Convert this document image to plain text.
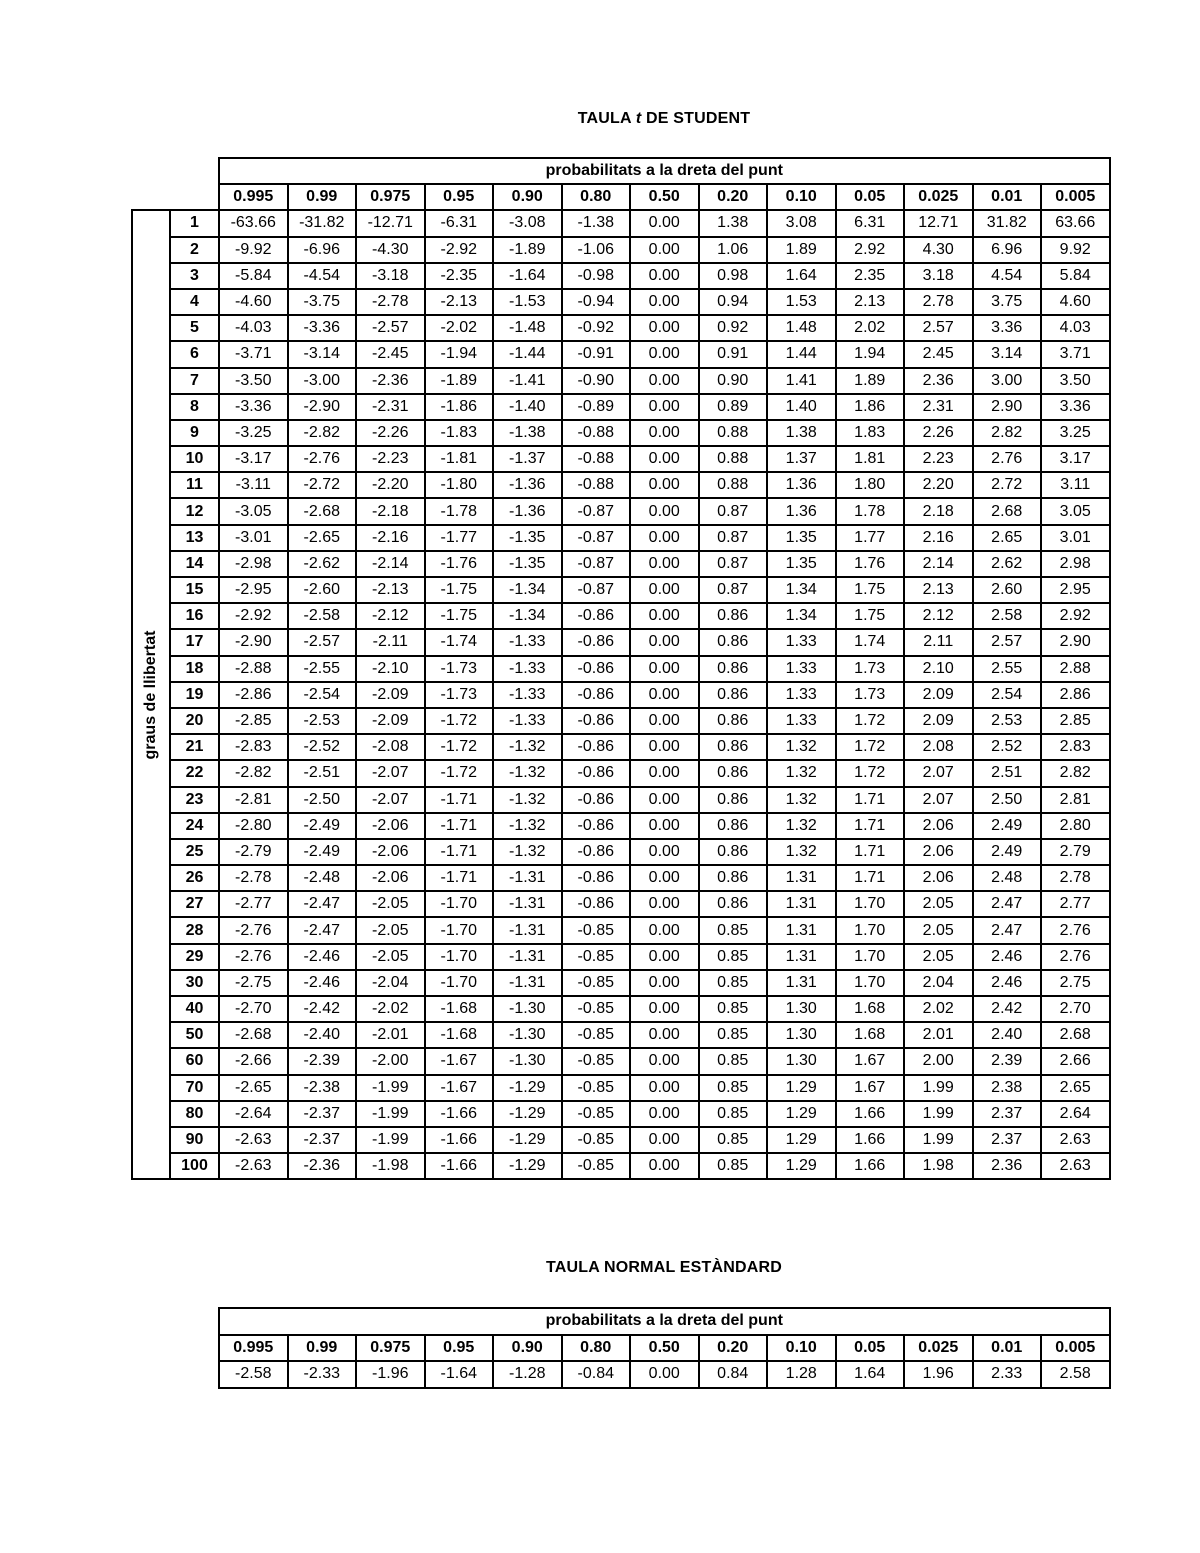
TAULA t DE STUDENT
		probabilitats a la dreta del punt												
		0.995	0.99	0.975	0.95	0.90	0.80	0.50	0.20	0.10	0.05	0.025	0.01	0.005

graus de llibertat	1	-63.66	-31.82	-12.71	-6.31	-3.08	-1.38	0.00	1.38	3.08	6.31	12.71	31.82	63.66
	2	-9.92	-6.96	-4.30	-2.92	-1.89	-1.06	0.00	1.06	1.89	2.92	4.30	6.96	9.92
	3	-5.84	-4.54	-3.18	-2.35	-1.64	-0.98	0.00	0.98	1.64	2.35	3.18	4.54	5.84
	4	-4.60	-3.75	-2.78	-2.13	-1.53	-0.94	0.00	0.94	1.53	2.13	2.78	3.75	4.60
	5	-4.03	-3.36	-2.57	-2.02	-1.48	-0.92	0.00	0.92	1.48	2.02	2.57	3.36	4.03
	6	-3.71	-3.14	-2.45	-1.94	-1.44	-0.91	0.00	0.91	1.44	1.94	2.45	3.14	3.71
	7	-3.50	-3.00	-2.36	-1.89	-1.41	-0.90	0.00	0.90	1.41	1.89	2.36	3.00	3.50
	8	-3.36	-2.90	-2.31	-1.86	-1.40	-0.89	0.00	0.89	1.40	1.86	2.31	2.90	3.36
	9	-3.25	-2.82	-2.26	-1.83	-1.38	-0.88	0.00	0.88	1.38	1.83	2.26	2.82	3.25
	10	-3.17	-2.76	-2.23	-1.81	-1.37	-0.88	0.00	0.88	1.37	1.81	2.23	2.76	3.17
	11	-3.11	-2.72	-2.20	-1.80	-1.36	-0.88	0.00	0.88	1.36	1.80	2.20	2.72	3.11
	12	-3.05	-2.68	-2.18	-1.78	-1.36	-0.87	0.00	0.87	1.36	1.78	2.18	2.68	3.05
	13	-3.01	-2.65	-2.16	-1.77	-1.35	-0.87	0.00	0.87	1.35	1.77	2.16	2.65	3.01
	14	-2.98	-2.62	-2.14	-1.76	-1.35	-0.87	0.00	0.87	1.35	1.76	2.14	2.62	2.98
	15	-2.95	-2.60	-2.13	-1.75	-1.34	-0.87	0.00	0.87	1.34	1.75	2.13	2.60	2.95
	16	-2.92	-2.58	-2.12	-1.75	-1.34	-0.86	0.00	0.86	1.34	1.75	2.12	2.58	2.92
	17	-2.90	-2.57	-2.11	-1.74	-1.33	-0.86	0.00	0.86	1.33	1.74	2.11	2.57	2.90
	18	-2.88	-2.55	-2.10	-1.73	-1.33	-0.86	0.00	0.86	1.33	1.73	2.10	2.55	2.88
	19	-2.86	-2.54	-2.09	-1.73	-1.33	-0.86	0.00	0.86	1.33	1.73	2.09	2.54	2.86
	20	-2.85	-2.53	-2.09	-1.72	-1.33	-0.86	0.00	0.86	1.33	1.72	2.09	2.53	2.85
	21	-2.83	-2.52	-2.08	-1.72	-1.32	-0.86	0.00	0.86	1.32	1.72	2.08	2.52	2.83
	22	-2.82	-2.51	-2.07	-1.72	-1.32	-0.86	0.00	0.86	1.32	1.72	2.07	2.51	2.82
	23	-2.81	-2.50	-2.07	-1.71	-1.32	-0.86	0.00	0.86	1.32	1.71	2.07	2.50	2.81
	24	-2.80	-2.49	-2.06	-1.71	-1.32	-0.86	0.00	0.86	1.32	1.71	2.06	2.49	2.80
	25	-2.79	-2.49	-2.06	-1.71	-1.32	-0.86	0.00	0.86	1.32	1.71	2.06	2.49	2.79
	26	-2.78	-2.48	-2.06	-1.71	-1.31	-0.86	0.00	0.86	1.31	1.71	2.06	2.48	2.78
	27	-2.77	-2.47	-2.05	-1.70	-1.31	-0.86	0.00	0.86	1.31	1.70	2.05	2.47	2.77
	28	-2.76	-2.47	-2.05	-1.70	-1.31	-0.85	0.00	0.85	1.31	1.70	2.05	2.47	2.76
	29	-2.76	-2.46	-2.05	-1.70	-1.31	-0.85	0.00	0.85	1.31	1.70	2.05	2.46	2.76
	30	-2.75	-2.46	-2.04	-1.70	-1.31	-0.85	0.00	0.85	1.31	1.70	2.04	2.46	2.75
	40	-2.70	-2.42	-2.02	-1.68	-1.30	-0.85	0.00	0.85	1.30	1.68	2.02	2.42	2.70
	50	-2.68	-2.40	-2.01	-1.68	-1.30	-0.85	0.00	0.85	1.30	1.68	2.01	2.40	2.68
	60	-2.66	-2.39	-2.00	-1.67	-1.30	-0.85	0.00	0.85	1.30	1.67	2.00	2.39	2.66
	70	-2.65	-2.38	-1.99	-1.67	-1.29	-0.85	0.00	0.85	1.29	1.67	1.99	2.38	2.65
	80	-2.64	-2.37	-1.99	-1.66	-1.29	-0.85	0.00	0.85	1.29	1.66	1.99	2.37	2.64
	90	-2.63	-2.37	-1.99	-1.66	-1.29	-0.85	0.00	0.85	1.29	1.66	1.99	2.37	2.63
	100	-2.63	-2.36	-1.98	-1.66	-1.29	-0.85	0.00	0.85	1.29	1.66	1.98	2.36	2.63
TAULA NORMAL ESTÀNDARD
probabilitats a la dreta del punt												
0.995	0.99	0.975	0.95	0.90	0.80	0.50	0.20	0.10	0.05	0.025	0.01	0.005
-2.58	-2.33	-1.96	-1.64	-1.28	-0.84	0.00	0.84	1.28	1.64	1.96	2.33	2.58
